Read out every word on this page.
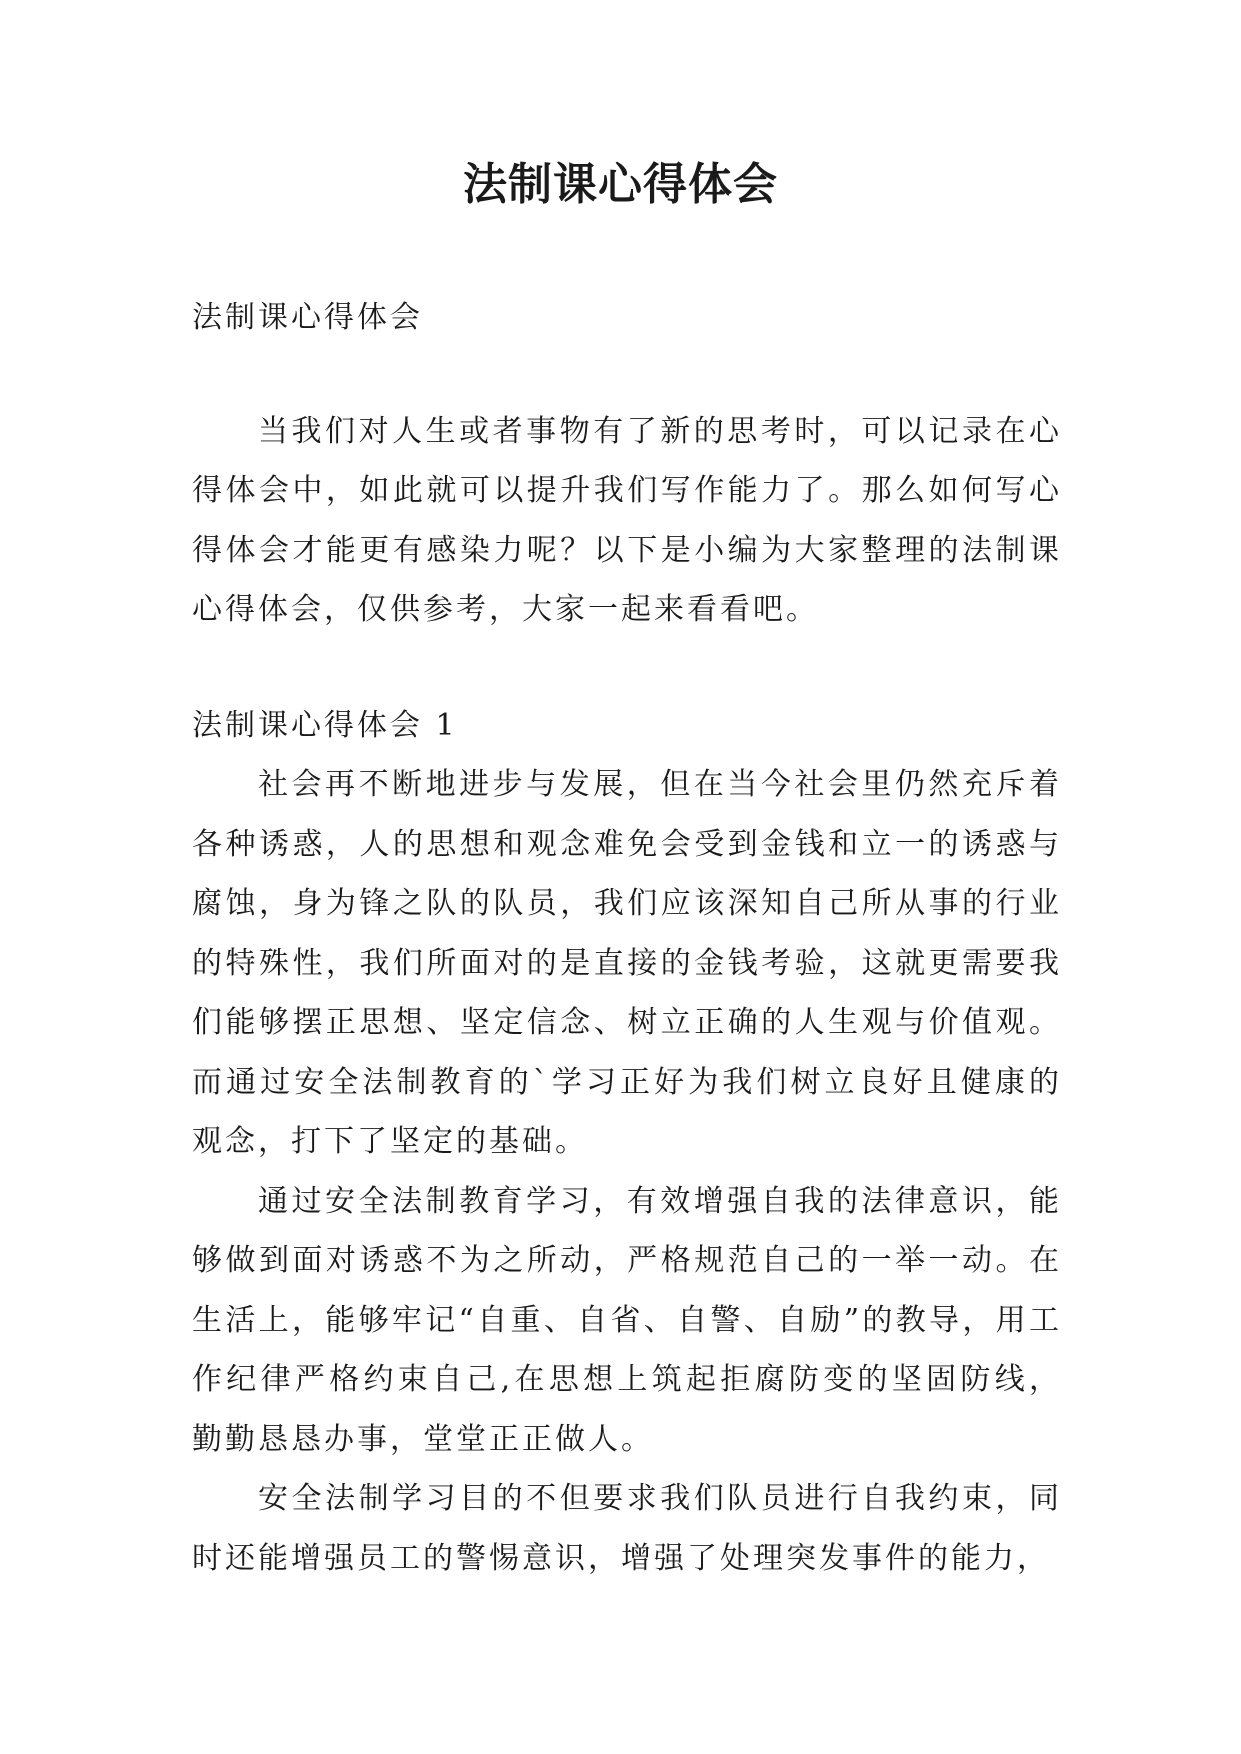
法制课心得体会

法制课心得体会

当我们对人生或者事物有了新的思考时，可以记录在心得体会中，如此就可以提升我们写作能力了。那么如何写心得体会才能更有感染力呢？以下是小编为大家整理的法制课心得体会，仅供参考，大家一起来看看吧。

法制课心得体会 1

社会再不断地进步与发展，但在当今社会里仍然充斥着各种诱惑，人的思想和观念难免会受到金钱和立一的诱惑与腐蚀，身为锋之队的队员，我们应该深知自己所从事的行业的特殊性，我们所面对的是直接的金钱考验，这就更需要我们能够摆正思想、坚定信念、树立正确的人生观与价值观。而通过安全法制教育的`学习正好为我们树立良好且健康的观念，打下了坚定的基础。

通过安全法制教育学习，有效增强自我的法律意识，能够做到面对诱惑不为之所动，严格规范自己的一举一动。在生活上，能够牢记“自重、自省、自警、自励”的教导，用工作纪律严格约束自己,在思想上筑起拒腐防变的坚固防线，勤勤恳恳办事，堂堂正正做人。

安全法制学习目的不但要求我们队员进行自我约束，同时还能增强员工的警惕意识，增强了处理突发事件的能力，
